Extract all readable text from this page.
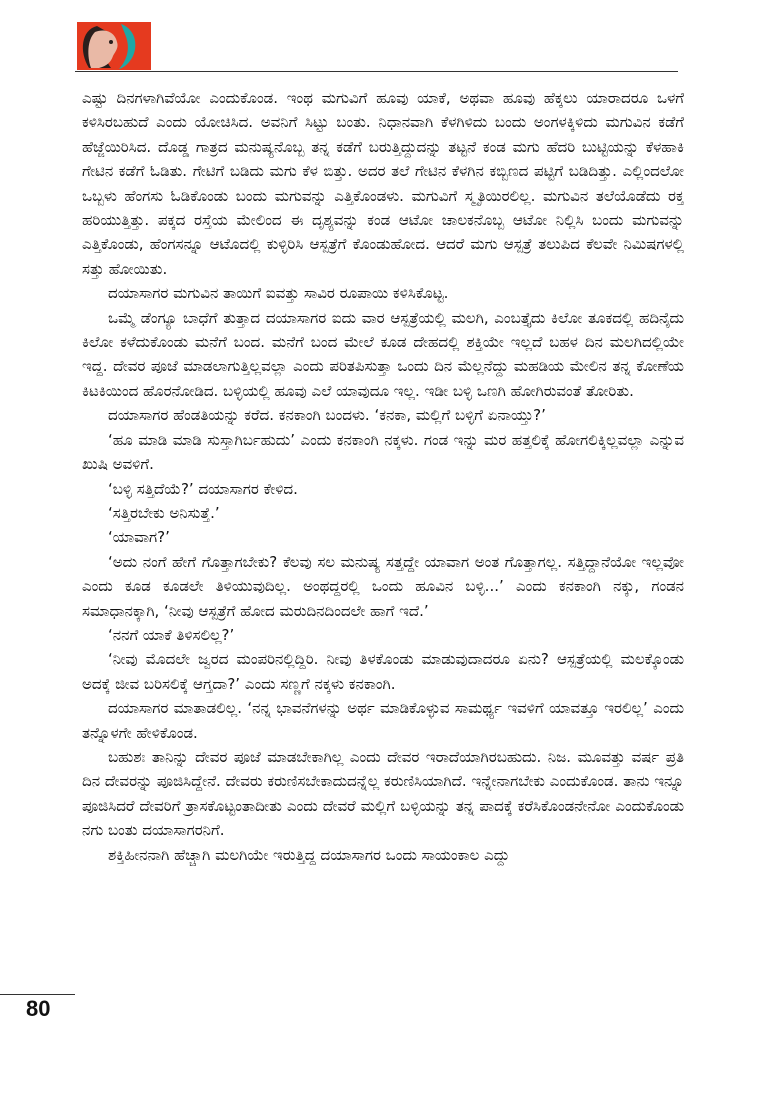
ಎಷ್ಟು ದಿನಗಳಾಗಿವೆಯೋ ಎಂದುಕೊಂಡ. ಇಂಥ ಮಗುವಿಗೆ ಹೂವು ಯಾಕೆ, ಅಥವಾ ಹೂವು ಹೆಕ್ಕಲು ಯಾರಾದರೂ ಒಳಗೆ ಕಳಿಸಿರಬಹುದೆ ಎಂದು ಯೋಚಿಸಿದ. ಅವನಿಗೆ ಸಿಟ್ಟು ಬಂತು. ನಿಧಾನವಾಗಿ ಕೆಳಗಿಳಿದು ಬಂದು ಅಂಗಳಕ್ಕಿಳಿದು ಮಗುವಿನ ಕಡೆಗೆ ಹೆಜ್ಜೆಯಿರಿಸಿದ. ದೊಡ್ಡ ಗಾತ್ರದ ಮನುಷ್ಯನೊಬ್ಬ ತನ್ನ ಕಡೆಗೆ ಬರುತ್ತಿದ್ದುದನ್ನು ತಟ್ಟನೆ ಕಂಡ ಮಗು ಹೆದರಿ ಬುಟ್ಟಿಯನ್ನು ಕೆಳಹಾಕಿ ಗೇಟಿನ ಕಡೆಗೆ ಓಡಿತು. ಗೇಟಿಗೆ ಬಡಿದು ಮಗು ಕೆಳ ಬಿತ್ತು. ಅದರ ತಲೆ ಗೇಟಿನ ಕೆಳಗಿನ ಕಬ್ಬಿಣದ ಪಟ್ಟಿಗೆ ಬಡಿದಿತ್ತು. ಎಲ್ಲಿಂದಲೋ ಒಬ್ಬಳು ಹೆಂಗಸು ಓಡಿಕೊಂಡು ಬಂದು ಮಗುವನ್ನು ಎತ್ತಿಕೊಂಡಳು. ಮಗುವಿಗೆ ಸ್ಮೃತಿಯಿರಲಿಲ್ಲ. ಮಗುವಿನ ತಲೆಯೊಡೆದು ರಕ್ತ ಹರಿಯುತ್ತಿತ್ತು. ಪಕ್ಕದ ರಸ್ತೆಯ ಮೇಲಿಂದ ಈ ದೃಶ್ಯವನ್ನು ಕಂಡ ಆಟೋ ಚಾಲಕನೊಬ್ಬ ಆಟೋ ನಿಲ್ಲಿಸಿ ಬಂದು ಮಗುವನ್ನು ಎತ್ತಿಕೊಂಡು, ಹೆಂಗಸನ್ನೂ ಆಟೊದಲ್ಲಿ ಕುಳ್ಳಿರಿಸಿ ಆಸ್ಪತ್ರೆಗೆ ಕೊಂಡುಹೋದ. ಆದರೆ ಮಗು ಆಸ್ಪತ್ರೆ ತಲುಪಿದ ಕೆಲವೇ ನಿಮಿಷಗಳಲ್ಲಿ ಸತ್ತು ಹೋಯಿತು.

ದಯಾಸಾಗರ ಮಗುವಿನ ತಾಯಿಗೆ ಐವತ್ತು ಸಾವಿರ ರೂಪಾಯಿ ಕಳಿಸಿಕೊಟ್ಟ.

ಒಮ್ಮೆ ಡೆಂಗ್ಯೂ ಬಾಧೆಗೆ ತುತ್ತಾದ ದಯಾಸಾಗರ ಐದು ವಾರ ಆಸ್ಪತ್ರೆಯಲ್ಲಿ ಮಲಗಿ, ಎಂಬತ್ತೈದು ಕಿಲೋ ತೂಕದಲ್ಲಿ ಹದಿನೈದು ಕಿಲೋ ಕಳೆದುಕೊಂಡು ಮನೆಗೆ ಬಂದ. ಮನೆಗೆ ಬಂದ ಮೇಲೆ ಕೂಡ ದೇಹದಲ್ಲಿ ಶಕ್ತಿಯೇ ಇಲ್ಲದೆ ಬಹಳ ದಿನ ಮಲಗಿದಲ್ಲಿಯೇ ಇದ್ದ. ದೇವರ ಪೂಜೆ ಮಾಡಲಾಗುತ್ತಿಲ್ಲವಲ್ಲಾ ಎಂದು ಪರಿತಪಿಸುತ್ತಾ ಒಂದು ದಿನ ಮೆಲ್ಲನೆದ್ದು ಮಹಡಿಯ ಮೇಲಿನ ತನ್ನ ಕೋಣೆಯ ಕಿಟಕಿಯಿಂದ ಹೊರನೋಡಿದ. ಬಳ್ಳಿಯಲ್ಲಿ ಹೂವು ಎಲೆ ಯಾವುದೂ ಇಲ್ಲ. ಇಡೀ ಬಳ್ಳಿ ಒಣಗಿ ಹೋಗಿರುವಂತೆ ತೋರಿತು.

ದಯಾಸಾಗರ ಹೆಂಡತಿಯನ್ನು ಕರೆದ. ಕನಕಾಂಗಿ ಬಂದಳು. ‘ಕನಕಾ, ಮಲ್ಲಿಗೆ ಬಳ್ಳಿಗೆ ಏನಾಯ್ತು?’

‘ಹೂ ಮಾಡಿ ಮಾಡಿ ಸುಸ್ತಾಗಿರ್ಬಹುದು’ ಎಂದು ಕನಕಾಂಗಿ ನಕ್ಕಳು. ಗಂಡ ಇನ್ನು ಮರ ಹತ್ತಲಿಕ್ಕೆ ಹೋಗಲಿಕ್ಕಿಲ್ಲವಲ್ಲಾ ಎನ್ನುವ ಖುಷಿ ಅವಳಿಗೆ.

‘ಬಳ್ಳಿ ಸತ್ತಿದೆಯೆ?’ ದಯಾಸಾಗರ ಕೇಳಿದ.

‘ಸತ್ತಿರಬೇಕು ಅನಿಸುತ್ತೆ.’

‘ಯಾವಾಗ?’

‘ಅದು ನಂಗೆ ಹೇಗೆ ಗೊತ್ತಾಗಬೇಕು? ಕೆಲವು ಸಲ ಮನುಷ್ಯ ಸತ್ತದ್ದೇ ಯಾವಾಗ ಅಂತ ಗೊತ್ತಾಗಲ್ಲ. ಸತ್ತಿದ್ದಾನೆಯೋ ಇಲ್ಲವೋ ಎಂದು ಕೂಡ ಕೂಡಲೇ ತಿಳಿಯುವುದಿಲ್ಲ. ಅಂಥದ್ದರಲ್ಲಿ ಒಂದು ಹೂವಿನ ಬಳ್ಳಿ...’ ಎಂದು ಕನಕಾಂಗಿ ನಕ್ಕು, ಗಂಡನ ಸಮಾಧಾನಕ್ಕಾಗಿ, ‘ನೀವು ಆಸ್ಪತ್ರೆಗೆ ಹೋದ ಮರುದಿನದಿಂದಲೇ ಹಾಗೆ ಇದೆ.’

‘ನನಗೆ ಯಾಕೆ ತಿಳಿಸಲಿಲ್ಲ?’

‘ನೀವು ಮೊದಲೇ ಜ್ವರದ ಮಂಪರಿನಲ್ಲಿದ್ದಿರಿ. ನೀವು ತಿಳಕೊಂಡು ಮಾಡುವುದಾದರೂ ಏನು? ಆಸ್ಪತ್ರೆಯಲ್ಲಿ ಮಲಕ್ಕೊಂಡು ಅದಕ್ಕೆ ಜೀವ ಬರಿಸಲಿಕ್ಕೆ ಆಗ್ತದಾ?’ ಎಂದು ಸಣ್ಣಗೆ ನಕ್ಕಳು ಕನಕಾಂಗಿ.

ದಯಾಸಾಗರ ಮಾತಾಡಲಿಲ್ಲ. ‘ನನ್ನ ಭಾವನೆಗಳನ್ನು ಅರ್ಥ ಮಾಡಿಕೊಳ್ಳುವ ಸಾಮರ್ಥ್ಯ ಇವಳಿಗೆ ಯಾವತ್ತೂ ಇರಲಿಲ್ಲ’ ಎಂದು ತನ್ನೊಳಗೇ ಹೇಳಿಕೊಂಡ.

ಬಹುಶಃ ತಾನಿನ್ನು ದೇವರ ಪೂಜೆ ಮಾಡಬೇಕಾಗಿಲ್ಲ ಎಂದು ದೇವರ ಇರಾದೆಯಾಗಿರಬಹುದು. ನಿಜ. ಮೂವತ್ತು ವರ್ಷ ಪ್ರತಿ ದಿನ ದೇವರನ್ನು ಪೂಜಿಸಿದ್ದೇನೆ. ದೇವರು ಕರುಣಿಸಬೇಕಾದುದನ್ನೆಲ್ಲ ಕರುಣಿಸಿಯಾಗಿದೆ. ಇನ್ನೇನಾಗಬೇಕು ಎಂದುಕೊಂಡ. ತಾನು ಇನ್ನೂ ಪೂಜಿಸಿದರೆ ದೇವರಿಗೆ ತ್ರಾಸಕೊಟ್ಟಂತಾದೀತು ಎಂದು ದೇವರೆ ಮಲ್ಲಿಗೆ ಬಳ್ಳಿಯನ್ನು ತನ್ನ ಪಾದಕ್ಕೆ ಕರೆಸಿಕೊಂಡನೇನೋ ಎಂದುಕೊಂಡು ನಗು ಬಂತು ದಯಾಸಾಗರನಿಗೆ.

ಶಕ್ತಿಹೀನನಾಗಿ ಹೆಚ್ಚಾಗಿ ಮಲಗಿಯೇ ಇರುತ್ತಿದ್ದ ದಯಾಸಾಗರ ಒಂದು ಸಾಯಂಕಾಲ ಎದ್ದು

80
